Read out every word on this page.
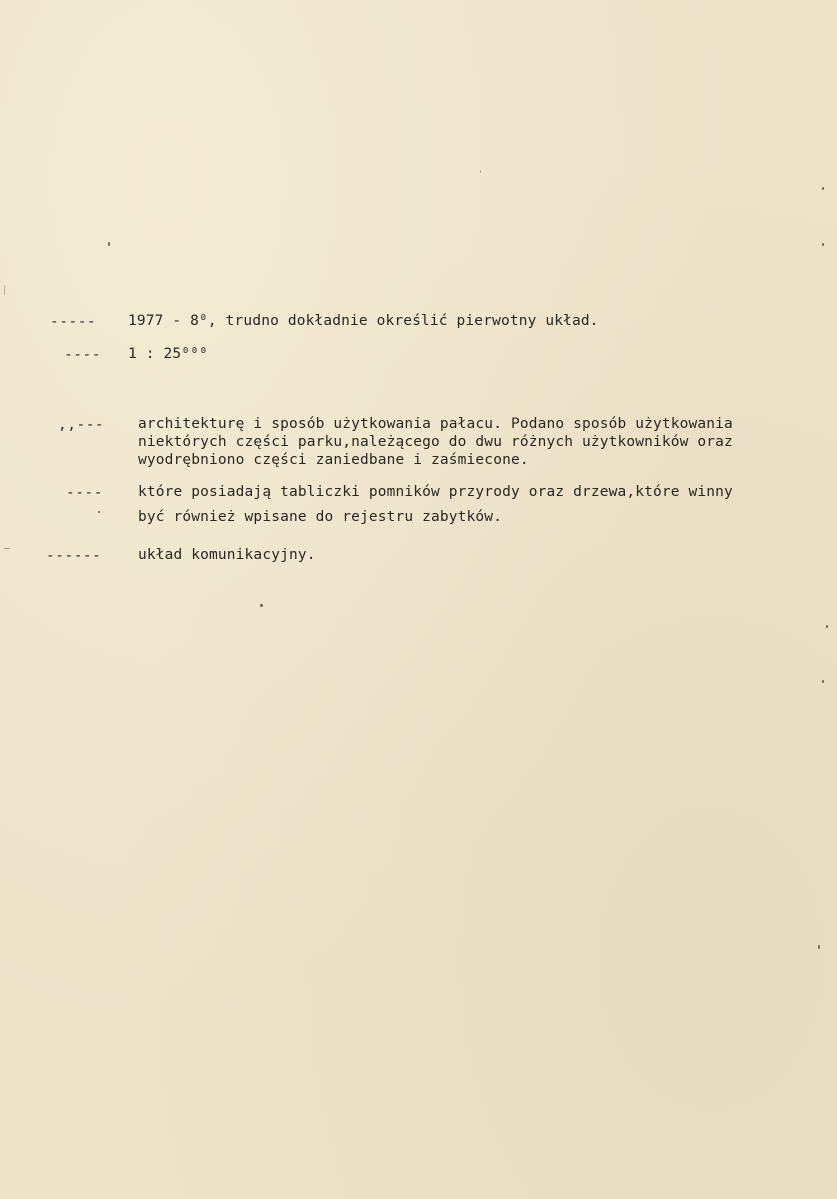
----- 1977 - 8⁰, trudno dokładnie określić pierwotny układ.
---- 1 : 25⁰⁰⁰
,,--- architekturę i sposób użytkowania pałacu. Podano sposób użytkowania
niektórych części parku,należącego do dwu różnych użytkowników oraz
wyodrębniono części zaniedbane i zaśmiecone.
---- które posiadają tabliczki pomników przyrody oraz drzewa,które winny
być również wpisane do rejestru zabytków.
------	układ komunikacyjny.
